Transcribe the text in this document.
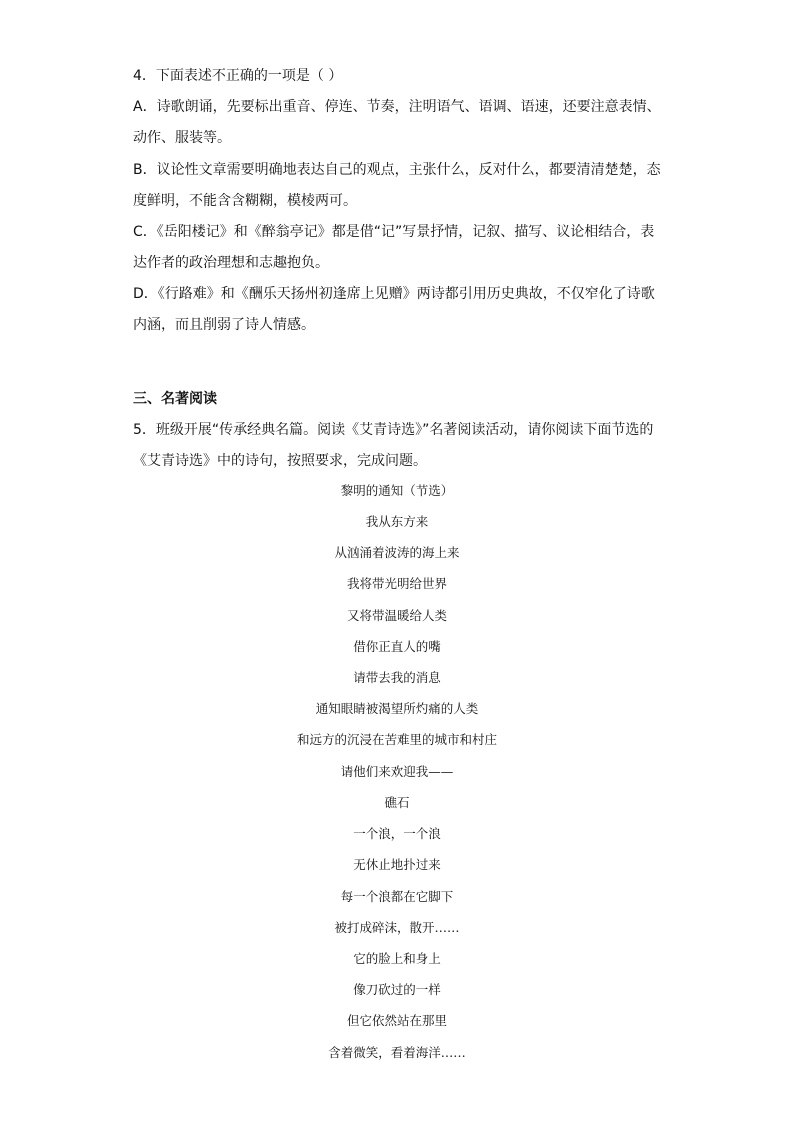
4．下面表述不正确的一项是（ ）
A．诗歌朗诵，先要标出重音、停连、节奏，注明语气、语调、语速，还要注意表情、
动作、服装等。
B．议论性文章需要明确地表达自己的观点，主张什么，反对什么，都要清清楚楚，态
度鲜明，不能含含糊糊，模棱两可。
C．《岳阳楼记》和《醉翁亭记》都是借“记”写景抒情，记叙、描写、议论相结合，表
达作者的政治理想和志趣抱负。
D．《行路难》和《酬乐天扬州初逢席上见赠》两诗都引用历史典故，不仅窄化了诗歌
内涵，而且削弱了诗人情感。
三、名著阅读
5．班级开展“传承经典名篇。阅读《艾青诗选》”名著阅读活动，请你阅读下面节选的
《艾青诗选》中的诗句，按照要求，完成问题。
黎明的通知（节选）
我从东方来
从汹涌着波涛的海上来
我将带光明给世界
又将带温暖给人类
借你正直人的嘴
请带去我的消息
通知眼睛被渴望所灼痛的人类
和远方的沉浸在苦难里的城市和村庄
请他们来欢迎我——
礁石
一个浪，一个浪
无休止地扑过来
每一个浪都在它脚下
被打成碎沫，散开……
它的脸上和身上
像刀砍过的一样
但它依然站在那里
含着微笑，看着海洋……
